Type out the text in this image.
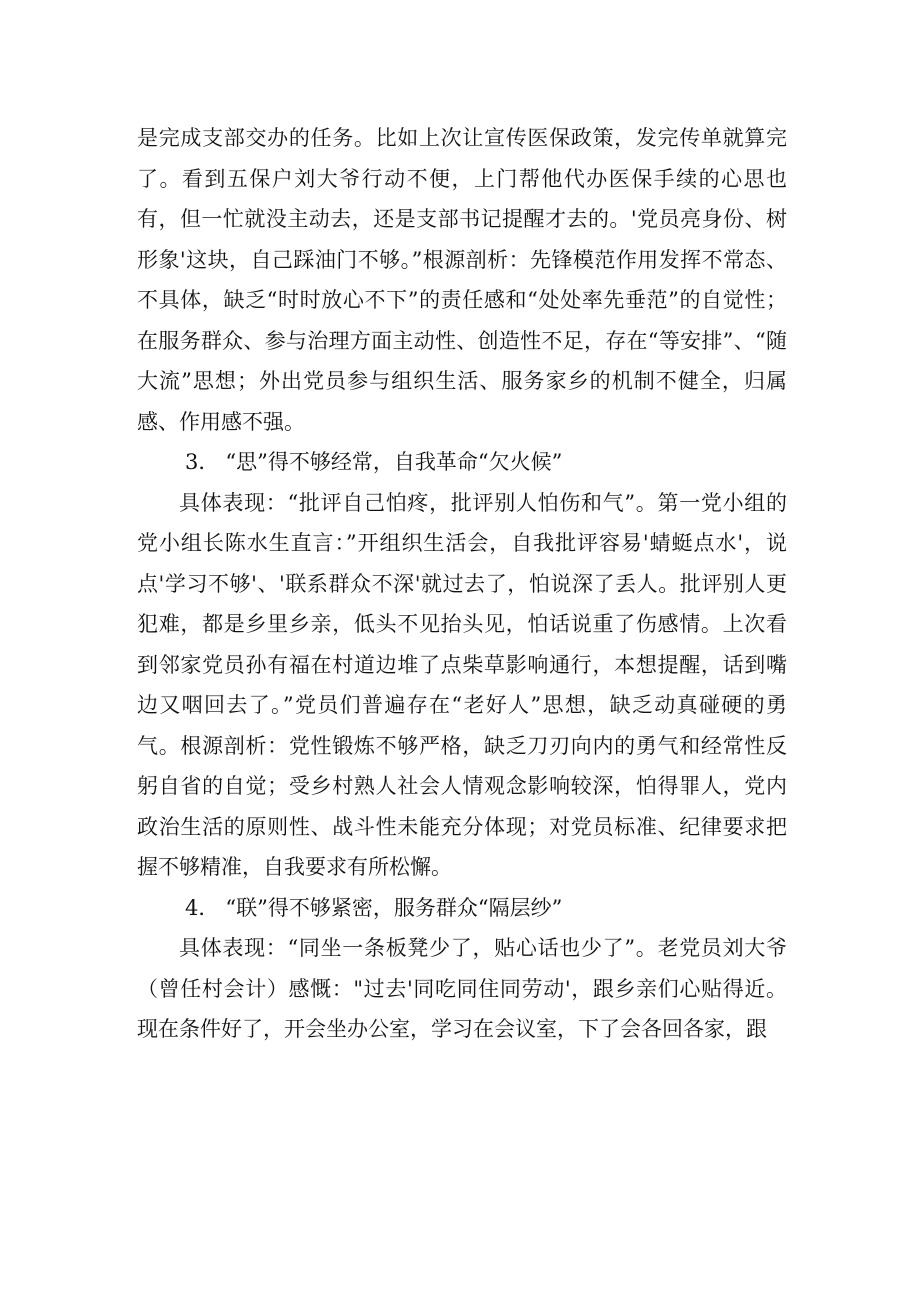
是完成支部交办的任务。比如上次让宣传医保政策，发完传单就算完了。看到五保户刘大爷行动不便，上门帮他代办医保手续的心思也有，但一忙就没主动去，还是支部书记提醒才去的。'党员亮身份、树形象'这块，自己踩油门不够。”根源剖析：先锋模范作用发挥不常态、不具体，缺乏“时时放心不下”的责任感和“处处率先垂范”的自觉性；在服务群众、参与治理方面主动性、创造性不足，存在“等安排”、“随大流”思想；外出党员参与组织生活、服务家乡的机制不健全，归属感、作用感不强。

3． “思”得不够经常，自我革命“欠火候”

具体表现：“批评自己怕疼，批评别人怕伤和气”。第一党小组的党小组长陈水生直言：”开组织生活会，自我批评容易'蜻蜓点水'，说点'学习不够'、'联系群众不深'就过去了，怕说深了丢人。批评别人更犯难，都是乡里乡亲，低头不见抬头见，怕话说重了伤感情。上次看到邻家党员孙有福在村道边堆了点柴草影响通行，本想提醒，话到嘴边又咽回去了。”党员们普遍存在“老好人”思想，缺乏动真碰硬的勇气。根源剖析：党性锻炼不够严格，缺乏刀刃向内的勇气和经常性反躬自省的自觉；受乡村熟人社会人情观念影响较深，怕得罪人，党内政治生活的原则性、战斗性未能充分体现；对党员标准、纪律要求把握不够精准，自我要求有所松懈。

4． “联”得不够紧密，服务群众“隔层纱”

具体表现：“同坐一条板凳少了，贴心话也少了”。老党员刘大爷（曾任村会计）感慨："过去'同吃同住同劳动'，跟乡亲们心贴得近。现在条件好了，开会坐办公室，学习在会议室，下了会各回各家，跟
